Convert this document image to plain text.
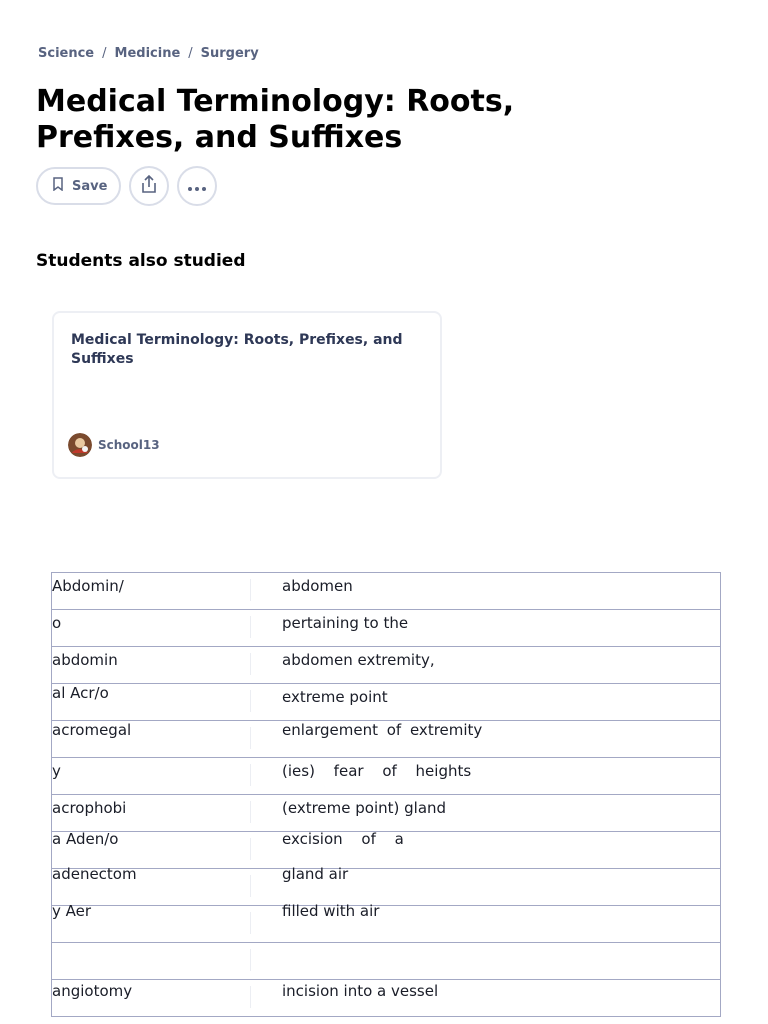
Science / Medicine / Surgery
Medical Terminology: Roots, Prefixes, and Suffixes
Save
Students also studied
Medical Terminology: Roots, Prefixes, and Suffixes
School13
Abdomin/	abdomen
o	pertaining to the
abdomin	abdomen extremity,
al Acr/o	extreme point
acromegal	enlargement of extremity
y	(ies) fear of heights
acrophobi	(extreme point) gland
a Aden/o	excision of a
adenectom	gland air
y Aer	filled with air
angiotomy	incision into a vessel
